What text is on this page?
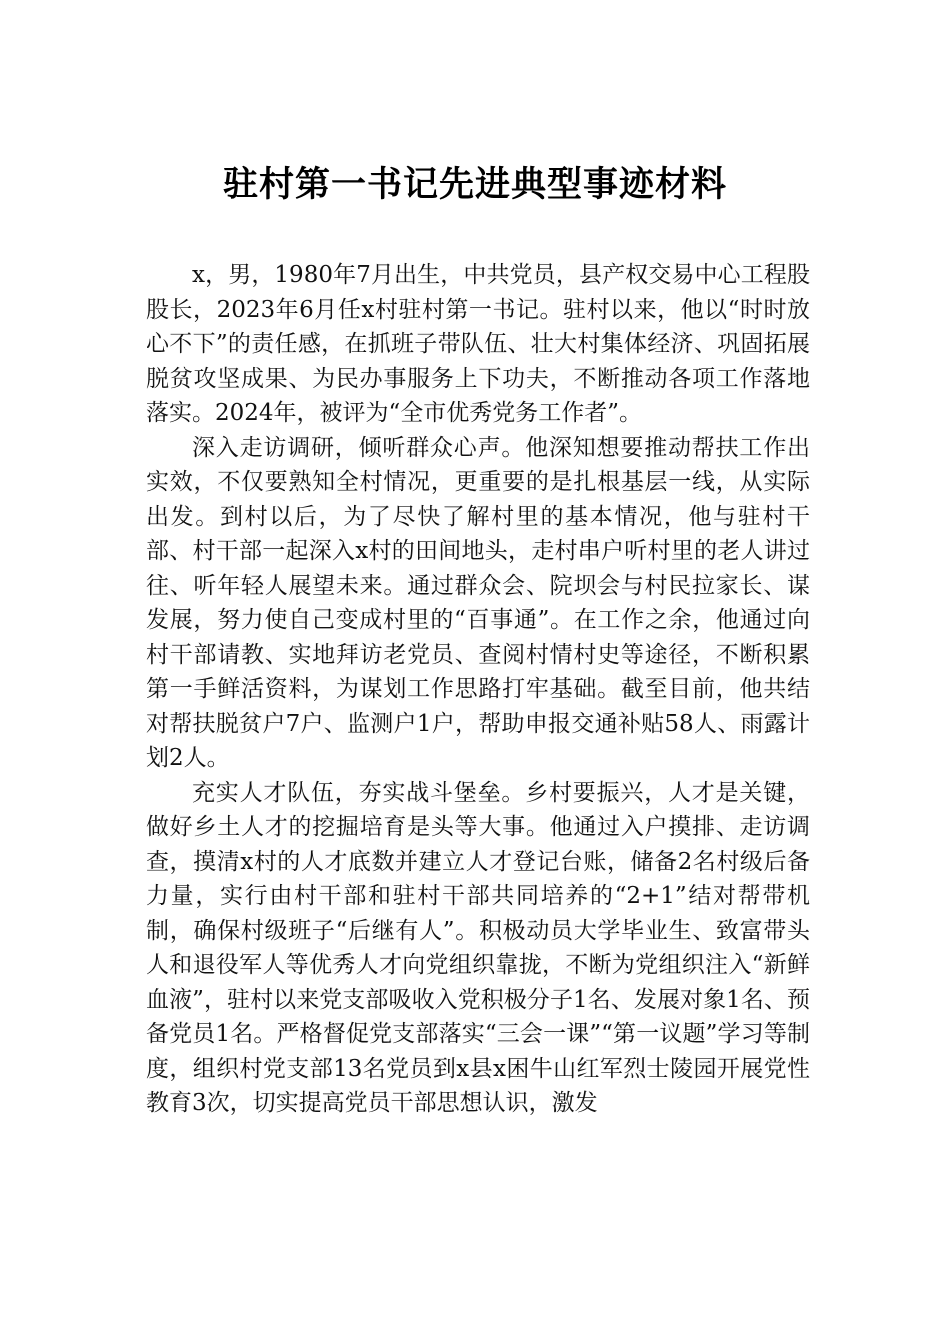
驻村第一书记先进典型事迹材料

x，男，1980年7月出生，中共党员，县产权交易中心工程股股长，2023年6月任x村驻村第一书记。驻村以来，他以“时时放心不下”的责任感，在抓班子带队伍、壮大村集体经济、巩固拓展脱贫攻坚成果、为民办事服务上下功夫，不断推动各项工作落地落实。2024年，被评为“全市优秀党务工作者”。

深入走访调研，倾听群众心声。他深知想要推动帮扶工作出实效，不仅要熟知全村情况，更重要的是扎根基层一线，从实际出发。到村以后，为了尽快了解村里的基本情况，他与驻村干部、村干部一起深入x村的田间地头，走村串户听村里的老人讲过往、听年轻人展望未来。通过群众会、院坝会与村民拉家长、谋发展，努力使自己变成村里的“百事通”。在工作之余，他通过向村干部请教、实地拜访老党员、查阅村情村史等途径，不断积累第一手鲜活资料，为谋划工作思路打牢基础。截至目前，他共结对帮扶脱贫户7户、监测户1户，帮助申报交通补贴58人、雨露计划2人。

充实人才队伍，夯实战斗堡垒。乡村要振兴，人才是关键，做好乡土人才的挖掘培育是头等大事。他通过入户摸排、走访调查，摸清x村的人才底数并建立人才登记台账，储备2名村级后备力量，实行由村干部和驻村干部共同培养的“2+1”结对帮带机制，确保村级班子“后继有人”。积极动员大学毕业生、致富带头人和退役军人等优秀人才向党组织靠拢，不断为党组织注入“新鲜血液”，驻村以来党支部吸收入党积极分子1名、发展对象1名、预备党员1名。严格督促党支部落实“三会一课”“第一议题”学习等制度，组织村党支部13名党员到x县x困牛山红军烈士陵园开展党性教育3次，切实提高党员干部思想认识，激发
